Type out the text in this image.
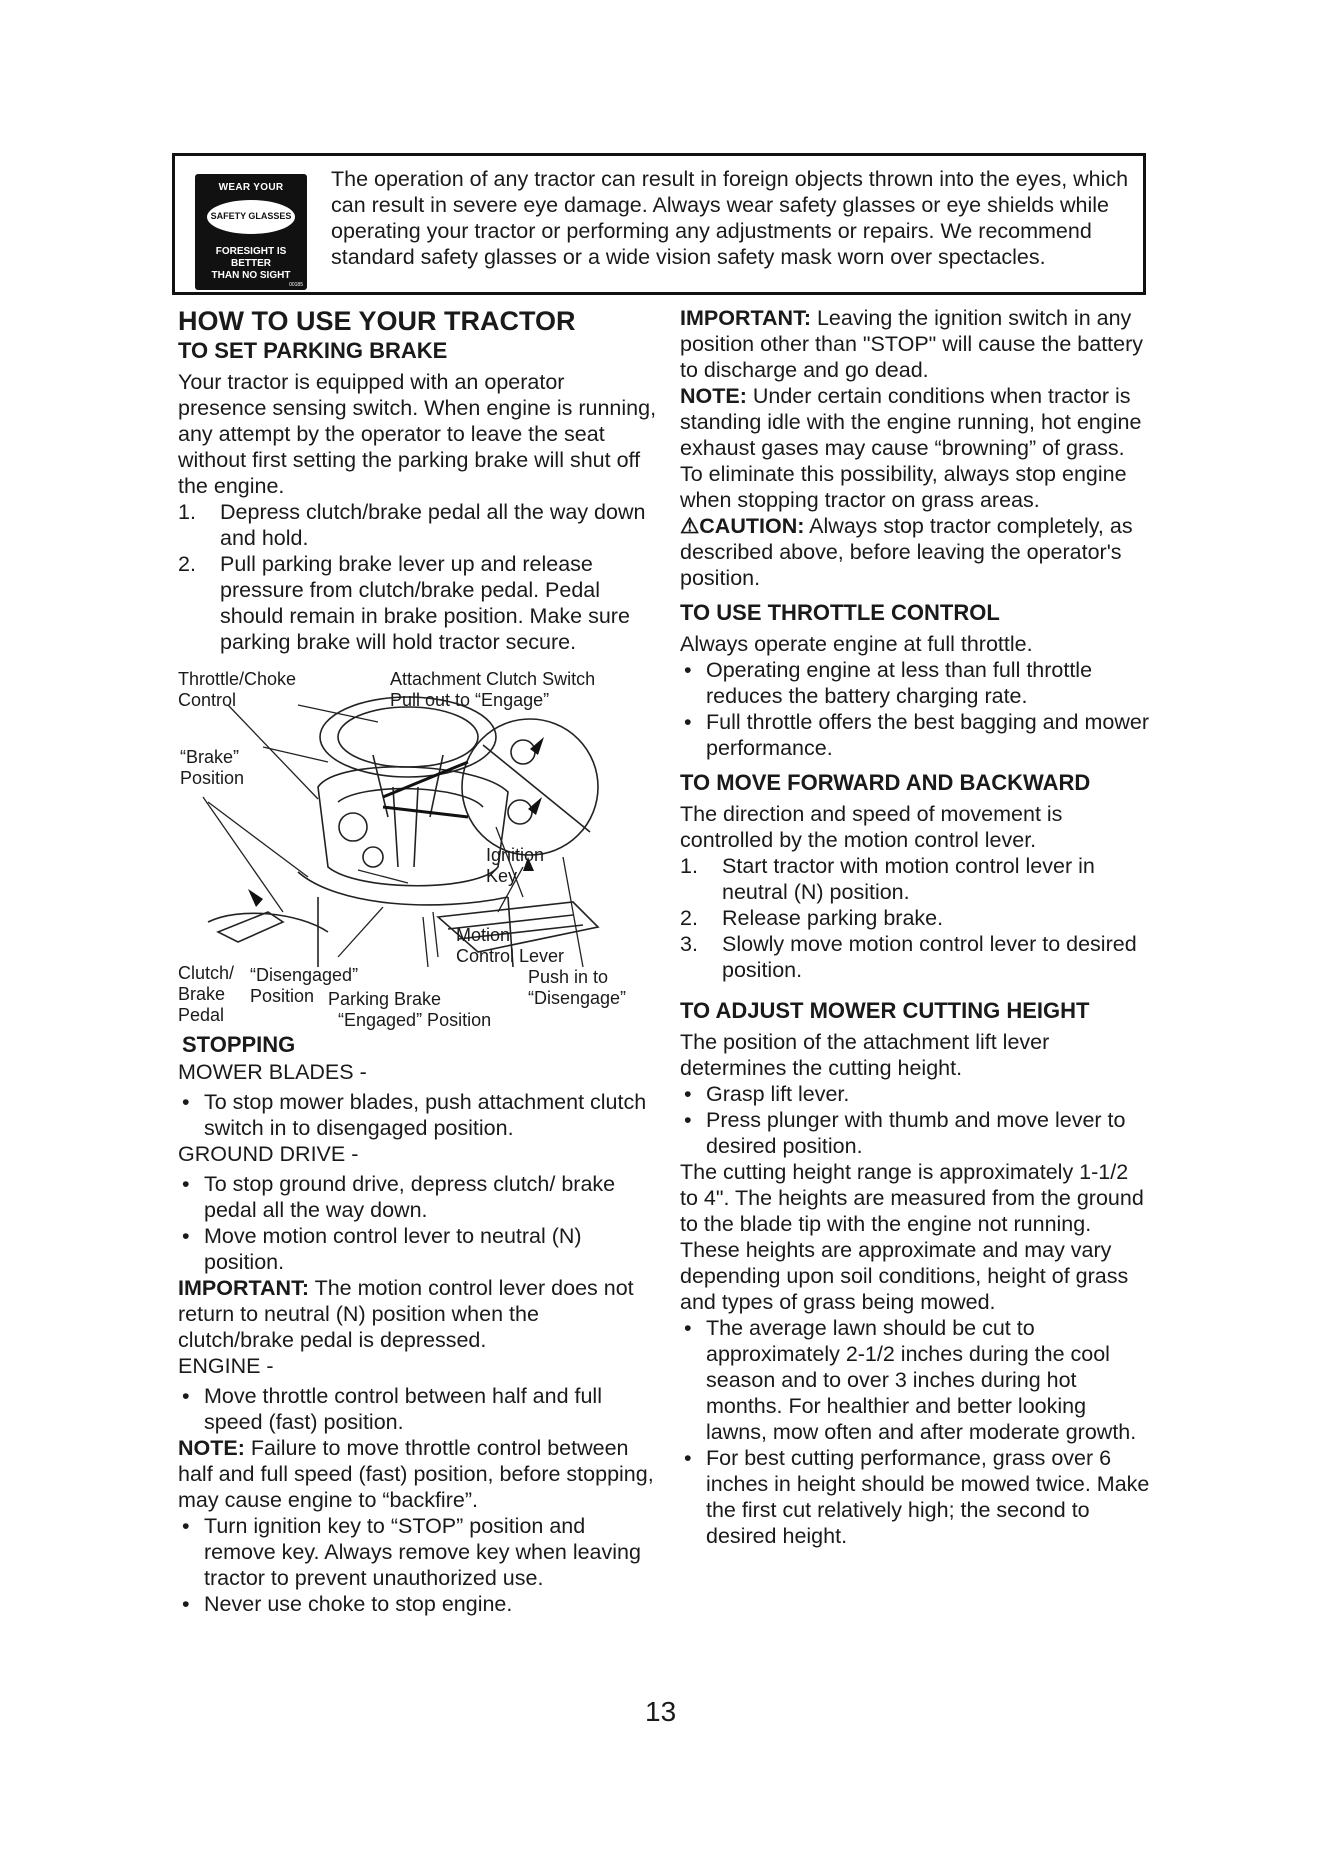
WEAR YOUR
SAFETY GLASSES
FORESIGHT IS BETTER
THAN NO SIGHT
00185
The operation of any tractor can result in foreign objects thrown into the eyes, which can result in severe eye damage. Always wear safety glasses or eye shields while operating your tractor or performing any adjustments or repairs. We recommend standard safety glasses or a wide vision safety mask worn over spectacles.
HOW TO USE YOUR TRACTOR
TO SET PARKING BRAKE

Your tractor is equipped with an operator presence sensing switch. When engine is running, any attempt by the operator to leave the seat without first setting the parking brake will shut off the engine.

1. Depress clutch/brake pedal all the way down and hold.
2. Pull parking brake lever up and release pressure from clutch/brake pedal. Pedal should remain in brake position. Make sure parking brake will hold tractor secure.
Throttle/Choke
Control
Attachment Clutch Switch
Pull out to “Engage”
“Brake”
Position
Ignition
Key
Motion
Control Lever
Push in to
“Disengage”
Clutch/
Brake
Pedal
“Disengaged”
Position Parking Brake
“Engaged” Position
STOPPING

MOWER BLADES -

• To stop mower blades, push attachment clutch switch in to disengaged position.

GROUND DRIVE -

• To stop ground drive, depress clutch/ brake pedal all the way down.
• Move motion control lever to neutral (N) position.

IMPORTANT: The motion control lever does not return to neutral (N) position when the clutch/brake pedal is depressed.

ENGINE -

• Move throttle control between half and full speed (fast) position.

NOTE: Failure to move throttle control between half and full speed (fast) position, before stopping, may cause engine to “backfire”.

• Turn ignition key to “STOP” position and remove key. Always remove key when leaving tractor to prevent unauthorized use.
• Never use choke to stop engine.

IMPORTANT: Leaving the ignition switch in any position other than "STOP" will cause the battery to discharge and go dead.

NOTE: Under certain conditions when tractor is standing idle with the engine running, hot engine exhaust gases may cause “browning” of grass. To eliminate this possibility, always stop engine when stopping tractor on grass areas.

⚠CAUTION: Always stop tractor completely, as described above, before leaving the operator's position.

TO USE THROTTLE CONTROL

Always operate engine at full throttle.

• Operating engine at less than full throttle reduces the battery charging rate.
• Full throttle offers the best bagging and mower performance.
TO MOVE FORWARD AND BACKWARD

The direction and speed of movement is controlled by the motion control lever.

1. Start tractor with motion control lever in neutral (N) position.
2. Release parking brake.
3. Slowly move motion control lever to desired position.
TO ADJUST MOWER CUTTING HEIGHT

The position of the attachment lift lever determines the cutting height.

• Grasp lift lever.
• Press plunger with thumb and move lever to desired position.

The cutting height range is approximately 1-1/2 to 4". The heights are measured from the ground to the blade tip with the engine not running. These heights are approximate and may vary depending upon soil conditions, height of grass and types of grass being mowed.

• The average lawn should be cut to approximately 2-1/2 inches during the cool season and to over 3 inches during hot months. For healthier and better looking lawns, mow often and after moderate growth.
• For best cutting performance, grass over 6 inches in height should be mowed twice. Make the first cut relatively high; the second to desired height.
13
